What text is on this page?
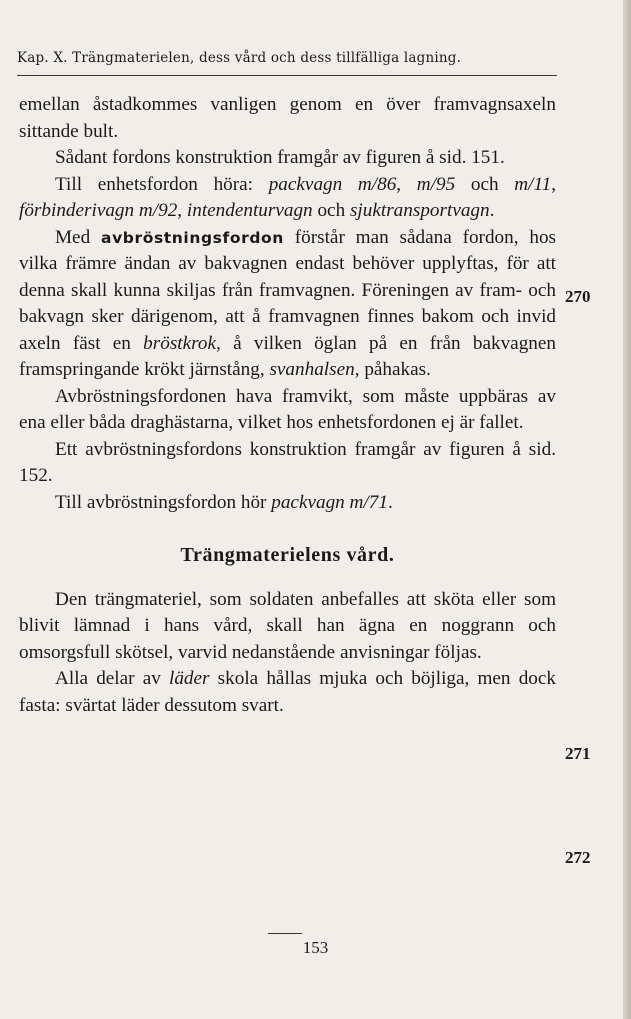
Kap. X. Trängmaterielen, dess vård och dess tillfälliga lagning.

emellan åstadkommes vanligen genom en över framvagnsaxeln sittande bult.

Sådant fordons konstruktion framgår av figuren å sid. 151.

Till enhetsfordon höra: packvagn m/86, m/95 och m/11, förbinderivagn m/92, intendenturvagn och sjuktransportvagn.

Med avbröstningsfordon förstår man sådana fordon, hos vilka främre ändan av bakvagnen endast behöver upplyftas, för att denna skall kunna skiljas från framvagnen. Föreningen av fram- och bakvagn sker därigenom, att å framvagnen finnes bakom och invid axeln fäst en bröstkrok, å vilken öglan på en från bakvagnen framspringande krökt järnstång, svanhalsen, påhakas.

Avbröstningsfordonen hava framvikt, som måste uppbäras av ena eller båda draghästarna, vilket hos enhetsfordonen ej är fallet.

Ett avbröstningsfordons konstruktion framgår av figuren å sid. 152.

Till avbröstningsfordon hör packvagn m/71.

Trängmaterielens vård.

Den trängmateriel, som soldaten anbefalles att sköta eller som blivit lämnad i hans vård, skall han ägna en noggrann och omsorgsfull skötsel, varvid nedanstående anvisningar följas.

Alla delar av läder skola hållas mjuka och böjliga, men dock fasta: svärtat läder dessutom svart.

270
271
272
153
